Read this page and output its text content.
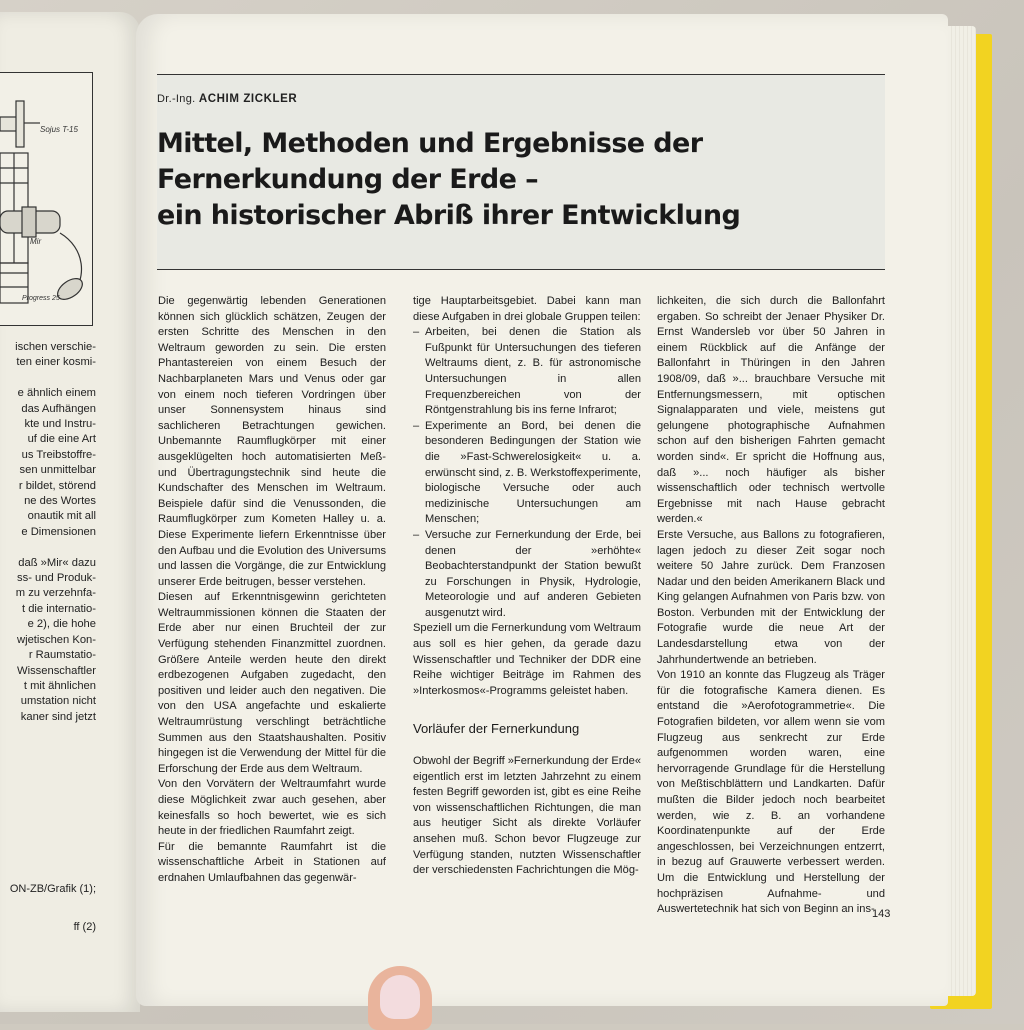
Sojus T-15
Mir
Progress 25
ischen verschie-
ten einer kosmi-
e ähnlich einem
das Aufhängen
kte und Instru-
uf die eine Art
us Treibstoffre-
sen unmittelbar
r bildet, störend
ne des Wortes
onautik mit all
e Dimensionen
daß »Mir« dazu
ss- und Produk-
m zu verzehnfa-
t die internatio-
e 2), die hohe
wjetischen Kon-
r Raumstatio-
Wissenschaftler
t mit ähnlichen
umstation nicht
kaner sind jetzt
ON-ZB/Grafik (1);
ff (2)
Dr.-Ing. ACHIM ZICKLER
Mittel, Methoden und Ergebnisse der
Fernerkundung der Erde –
ein historischer Abriß ihrer Entwicklung

Die gegenwärtig lebenden Generationen können sich glücklich schätzen, Zeugen der ersten Schritte des Menschen in den Weltraum geworden zu sein. Die ersten Phantastereien von einem Besuch der Nachbarplaneten Mars und Venus oder gar von einem noch tieferen Vordringen über unser Sonnensystem hinaus sind sachlicheren Betrachtungen gewichen. Unbemannte Raumflugkörper mit einer ausgeklügelten hoch automatisierten Meß- und Übertragungstechnik sind heute die Kundschafter des Menschen im Weltraum. Beispiele dafür sind die Venussonden, die Raumflugkörper zum Kometen Halley u. a. Diese Experimente liefern Erkenntnisse über den Aufbau und die Evolution des Universums und lassen die Vorgänge, die zur Entwicklung unserer Erde beitrugen, besser verstehen.

Diesen auf Erkenntnisgewinn gerichteten Weltraummissionen können die Staaten der Erde aber nur einen Bruchteil der zur Verfügung stehenden Finanzmittel zuordnen. Größere Anteile werden heute den direkt erdbezogenen Aufgaben zugedacht, den positiven und leider auch den negativen. Die von den USA angefachte und eskalierte Weltraumrüstung verschlingt beträchtliche Summen aus den Staatshaushalten. Positiv hingegen ist die Verwendung der Mittel für die Erforschung der Erde aus dem Weltraum.

Von den Vorvätern der Weltraumfahrt wurde diese Möglichkeit zwar auch gesehen, aber keinesfalls so hoch bewertet, wie es sich heute in der friedlichen Raumfahrt zeigt.

Für die bemannte Raumfahrt ist die wissenschaftliche Arbeit in Stationen auf erdnahen Umlaufbahnen das gegenwär-

tige Hauptarbeitsgebiet. Dabei kann man diese Aufgaben in drei globale Gruppen teilen:

– Arbeiten, bei denen die Station als Fußpunkt für Untersuchungen des tieferen Weltraums dient, z. B. für astronomische Untersuchungen in allen Frequenzbereichen von der Röntgenstrahlung bis ins ferne Infrarot;
– Experimente an Bord, bei denen die besonderen Bedingungen der Station wie die »Fast-Schwerelosigkeit« u. a. erwünscht sind, z. B. Werkstoffexperimente, biologische Versuche oder auch medizinische Untersuchungen am Menschen;
– Versuche zur Fernerkundung der Erde, bei denen der »erhöhte« Beobachterstandpunkt der Station bewußt zu Forschungen in Physik, Hydrologie, Meteorologie und auf anderen Gebieten ausgenutzt wird.

Speziell um die Fernerkundung vom Weltraum aus soll es hier gehen, da gerade dazu Wissenschaftler und Techniker der DDR eine Reihe wichtiger Beiträge im Rahmen des »Interkosmos«-Programms geleistet haben.

Vorläufer der Fernerkundung

Obwohl der Begriff »Fernerkundung der Erde« eigentlich erst im letzten Jahrzehnt zu einem festen Begriff geworden ist, gibt es eine Reihe von wissenschaftlichen Richtungen, die man aus heutiger Sicht als direkte Vorläufer ansehen muß. Schon bevor Flugzeuge zur Verfügung standen, nutzten Wissenschaftler der verschiedensten Fachrichtungen die Mög-

lichkeiten, die sich durch die Ballonfahrt ergaben. So schreibt der Jenaer Physiker Dr. Ernst Wandersleb vor über 50 Jahren in einem Rückblick auf die Anfänge der Ballonfahrt in Thüringen in den Jahren 1908/09, daß »... brauchbare Versuche mit Entfernungsmessern, mit optischen Signalapparaten und viele, meistens gut gelungene photographische Aufnahmen schon auf den bisherigen Fahrten gemacht worden sind«. Er spricht die Hoffnung aus, daß »... noch häufiger als bisher wissenschaftlich oder technisch wertvolle Ergebnisse mit nach Hause gebracht werden.«

Erste Versuche, aus Ballons zu fotografieren, lagen jedoch zu dieser Zeit sogar noch weitere 50 Jahre zurück. Dem Franzosen Nadar und den beiden Amerikanern Black und King gelangen Aufnahmen von Paris bzw. von Boston. Verbunden mit der Entwicklung der Fotografie wurde die neue Art der Landesdarstellung etwa von der Jahrhundertwende an betrieben.

Von 1910 an konnte das Flugzeug als Träger für die fotografische Kamera dienen. Es entstand die »Aerofotogrammetrie«. Die Fotografien bildeten, vor allem wenn sie vom Flugzeug aus senkrecht zur Erde aufgenommen worden waren, eine hervorragende Grundlage für die Herstellung von Meßtischblättern und Landkarten. Dafür mußten die Bilder jedoch noch bearbeitet werden, wie z. B. an vorhandene Koordinatenpunkte auf der Erde angeschlossen, bei Verzeichnungen entzerrt, in bezug auf Grauwerte verbessert werden. Um die Entwicklung und Herstellung der hochpräzisen Aufnahme- und Auswertetechnik hat sich von Beginn an ins-

143
